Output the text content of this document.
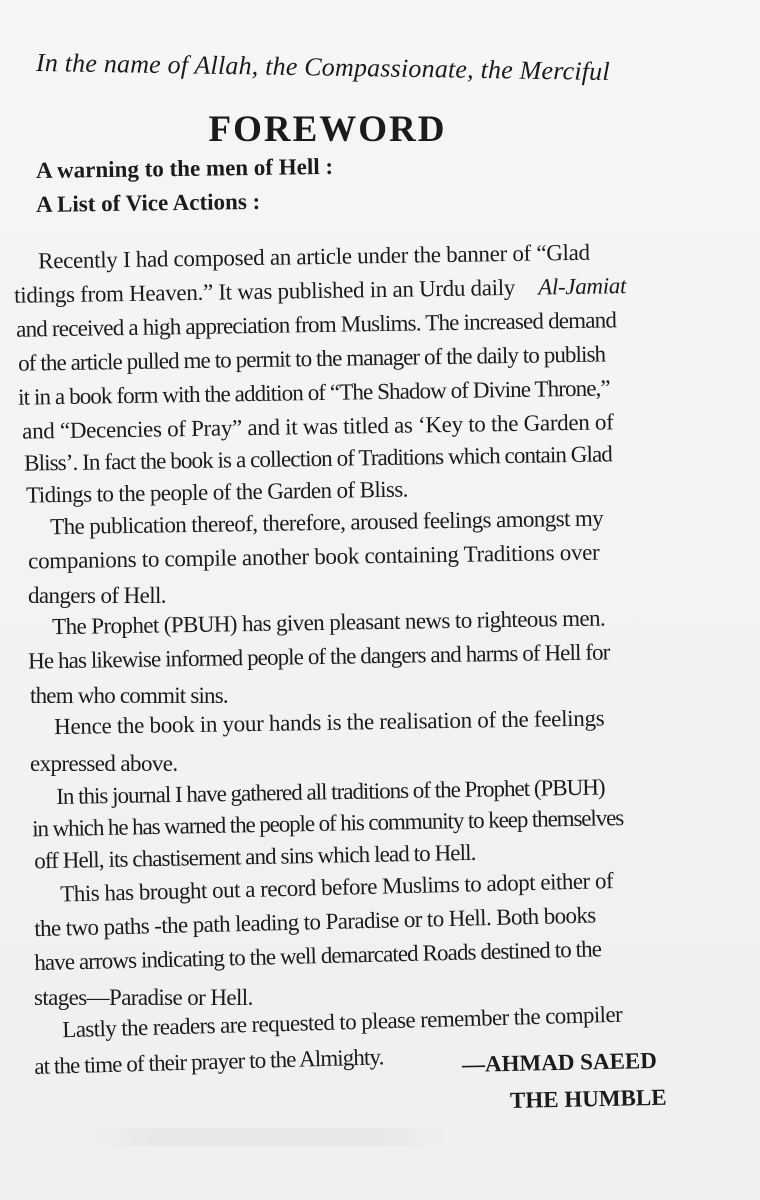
In the name of Allah, the Compassionate, the Merciful
FOREWORD
A warning to the men of Hell :
A List of Vice Actions :
Recently I had composed an article under the banner of “Glad
tidings from Heaven.” It was published in an Urdu daily Al-Jamiat
and received a high appreciation from Muslims. The increased demand
of the article pulled me to permit to the manager of the daily to publish
it in a book form with the addition of “The Shadow of Divine Throne,”
and “Decencies of Pray” and it was titled as ‘Key to the Garden of
Bliss’. In fact the book is a collection of Traditions which contain Glad
Tidings to the people of the Garden of Bliss.
The publication thereof, therefore, aroused feelings amongst my
companions to compile another book containing Traditions over
dangers of Hell.
The Prophet (PBUH) has given pleasant news to righteous men.
He has likewise informed people of the dangers and harms of Hell for
them who commit sins.
Hence the book in your hands is the realisation of the feelings
expressed above.
In this journal I have gathered all traditions of the Prophet (PBUH)
in which he has warned the people of his community to keep themselves
off Hell, its chastisement and sins which lead to Hell.
This has brought out a record before Muslims to adopt either of
the two paths -the path leading to Paradise or to Hell. Both books
have arrows indicating to the well demarcated Roads destined to the
stages—Paradise or Hell.
Lastly the readers are requested to please remember the compiler
at the time of their prayer to the Almighty.	—AHMAD SAEED
THE HUMBLE
